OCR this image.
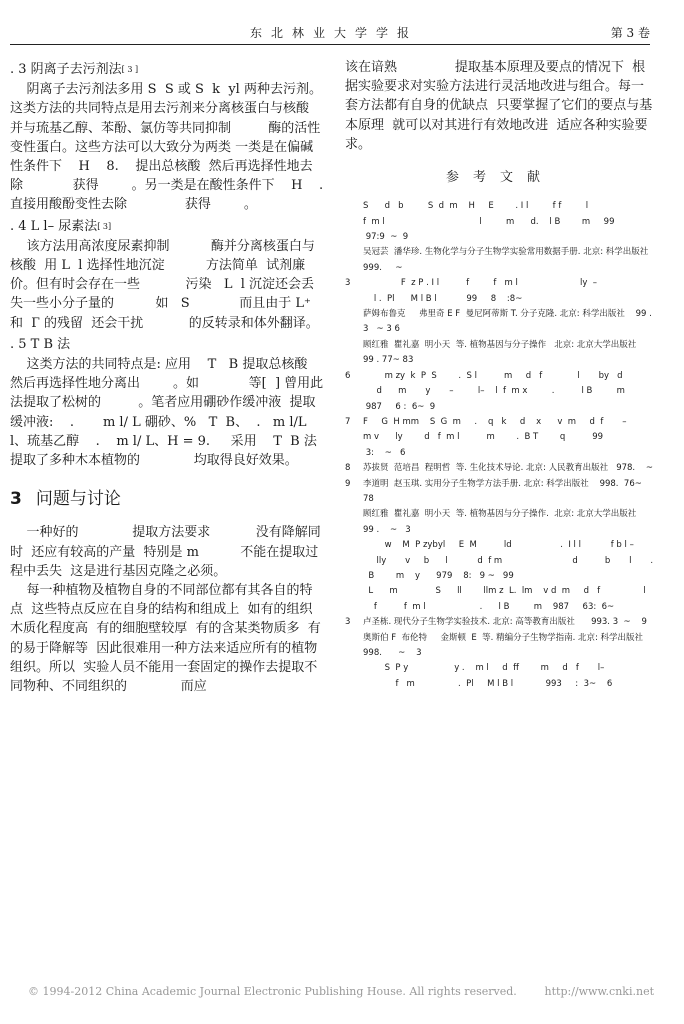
东北林业大学学报	第 3 卷

. 3 阴离子去污剂法[ 3 ]

阴离子去污剂法多用 S  S 或 S  k  yl 两种去污剂。这类方法的共同特点是用去污剂来分离核蛋白与核酸 并与琉基乙醇、苯酚、氯仿等共同抑制         酶的活性  变性蛋白。这些方法可以大致分为两类 一类是在偏碱性条件下    H    8.    提出总核酸  然后再选择性地去除            获得        。另一类是在酸性条件下    H    .     直接用酸酚变性去除              获得        。

. 4 L l– 尿素法[ 3]

该方法用高浓度尿素抑制          酶并分离核蛋白与核酸  用 L  l 选择性地沉淀          方法简单  试剂廉价。但有时会存在一些           污染   L  l 沉淀还会丢失一些小分子量的          如   S            而且由于 L⁺ 和  Г 的残留  还会干扰           的反转录和体外翻译。

. 5 T B 法

这类方法的共同特点是: 应用    T   B 提取总核酸  然后再选择性地分离出        。如            等[  ] 曾用此法提取了松树的         。笔者应用硼砂作缓冲液  提取缓冲液:    .       m l/ L 硼砂、%   T  B、  .   m l/L       l、琉基乙醇    .    m l/ L、H = 9.     采用    T  B 法提取了多种木本植物的             均取得良好效果。

3 问题与讨论

一种好的             提取方法要求           没有降解同时  还应有较高的产量  特别是 m          不能在提取过程中丢失  这是进行基因克隆之必须。

每一种植物及植物自身的不同部位都有其各自的特点  这些特点反应在自身的结构和组成上  如有的组织木质化程度高  有的细胞壁较厚  有的含某类物质多  有的易于降解等  因此很难用一种方法来适应所有的植物组织。所以  实验人员不能用一套固定的操作去提取不同物种、不同组织的             而应

该在谙熟              提取基本原理及要点的情况下  根据实验要求对实验方法进行灵活地改进与组合。每一套方法都有自身的优缺点  只要掌握了它们的要点与基本原理  就可以对其进行有效地改进  适应各种实验要求。

参考文献

S      d   b         S  d  m    H     E        . I l         f f         l
f  m l                                   l         m      d.    l B        m     99
97:9  ~  9

吴冠芸  潘华珍. 生物化学与分子生物学实验常用数据手册. 北京: 科学出版社    999.     ~

3	F  z P . I l          f         f   m l                       ly  –
l .  Pl      M l B l           99     8    :8~

萨姆布鲁克     弗里奇 E F  曼尼阿蒂斯 T. 分子克隆. 北京: 科学出版社    99 . 3   ~ 3 6

顾红雅  瞿礼嘉  明小天  等. 植物基因与分子操作   北京: 北京大学出版社    99 . 77~ 83

6	m zy  k  P  S        .  S l          m     d   f             l       by   d
d      m       y       –         l–    l  f  m x         .          l B         m
987     6 :  6~  9

7 F     G  H mm    S  G  m     .    q   k     d    x      v  m     d  f       –
m v      ly        d   f  m l          m        .  B T        q          99
3:    ~   6

8 苏拔贤  范培昌  程明哲  等. 生化技术导论. 北京: 人民教育出版社   978.    ~

9 李道明  赵玉琪. 实用分子生物学方法手册. 北京: 科学出版社    998.  76~  78

顾红雅  瞿礼嘉  明小天  等. 植物基因与分子操作.  北京: 北京大学出版社    99 .    ~   3

w    M  P zybyl     E  M          ld                  .  I l l           f b l –
lly       v     b      l           d  f m                          d          b       l       .
B        m    y      979    8:   9 ~   99

L      m              S      ll        llm z  L.  lm    v d  m     d   f                l
f          f  m l                    .      l B         m    987     63:  6~

3 卢圣栋. 现代分子生物学实验技术. 北京: 高等教育出版社      993. 3  ~    9

奥斯伯 F  布伦特     金斯顿  E  等. 精编分子生物学指南. 北京: 科学出版社     998.      ~    3

S  P y                 y .    m l     d  ff        m     d   f       l–
f   m                .  Pl     M l B l            993     :  3~    6

© 1994-2012 China Academic Journal Electronic Publishing House. All rights reserved.	http://www.cnki.net
